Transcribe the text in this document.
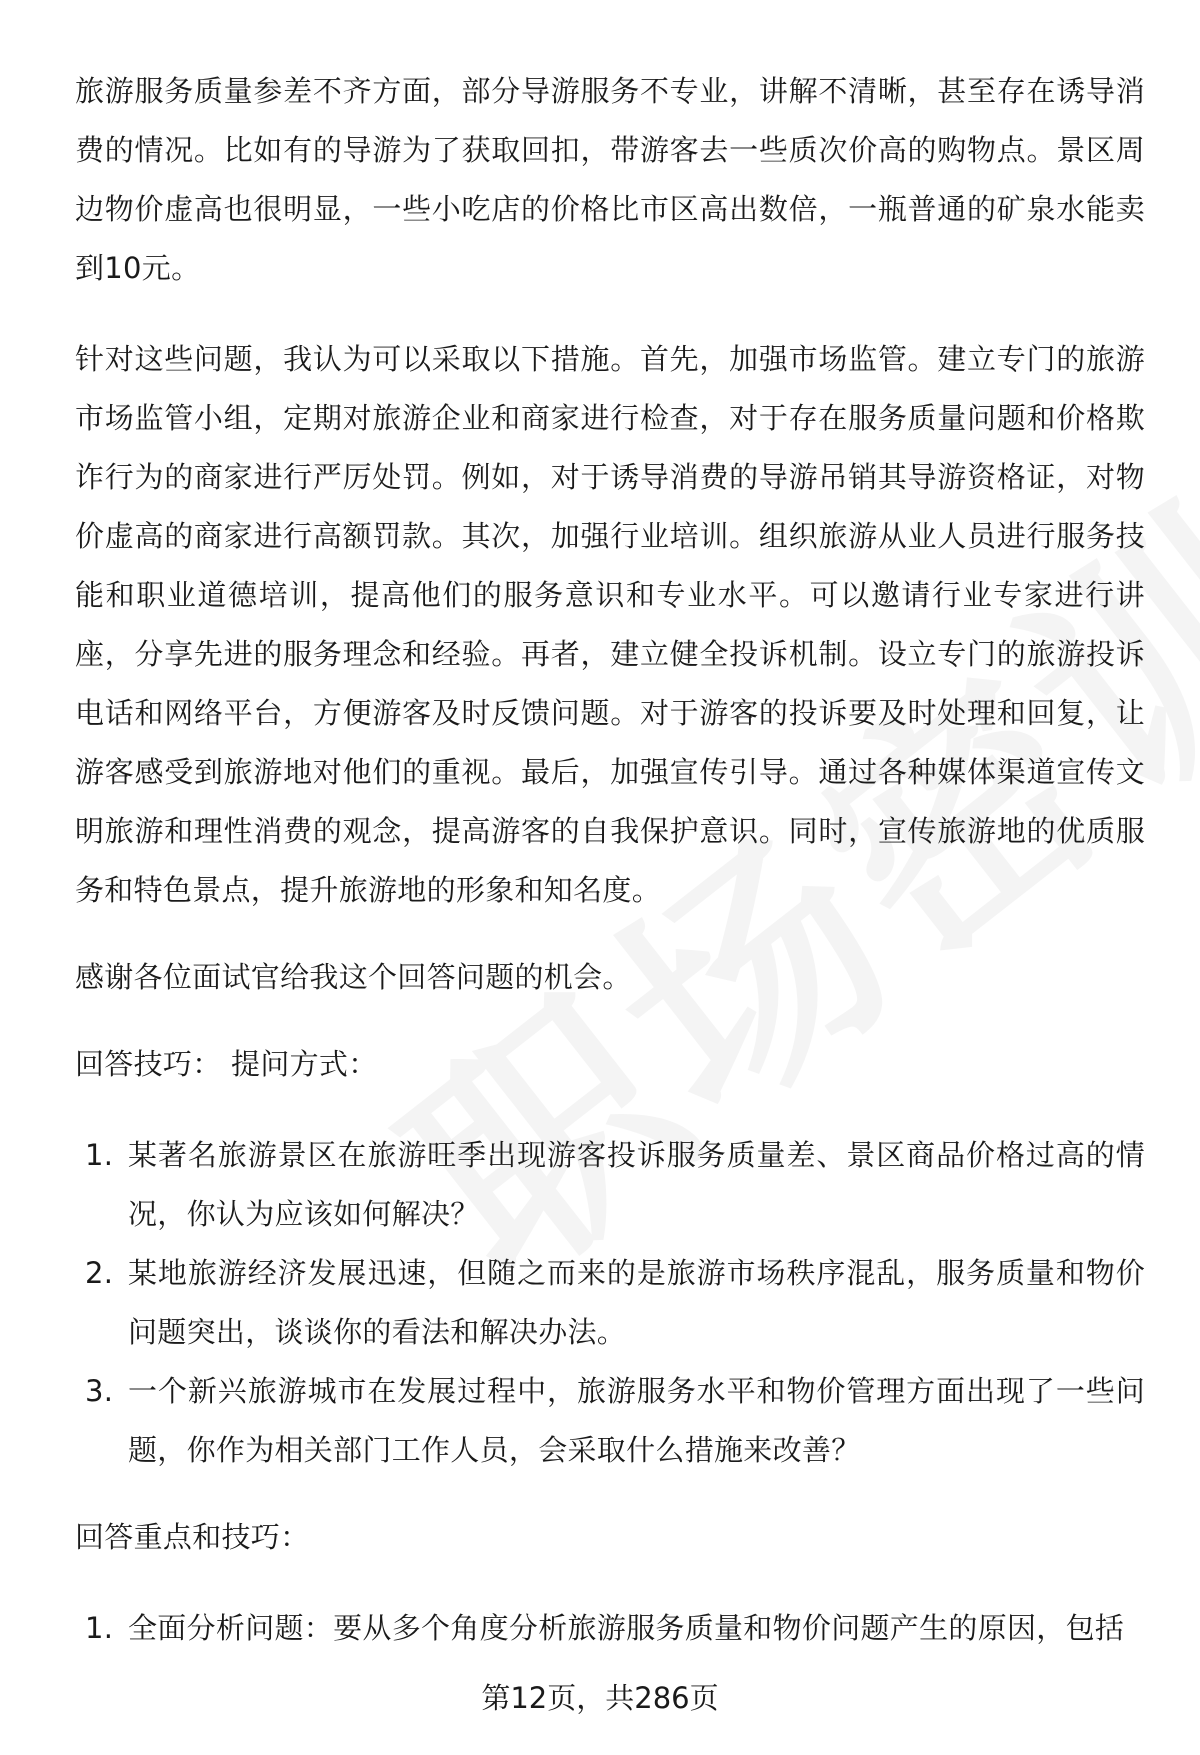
旅游服务质量参差不齐方面，部分导游服务不专业，讲解不清晰，甚至存在诱导消费的情况。比如有的导游为了获取回扣，带游客去一些质次价高的购物点。景区周边物价虚高也很明显，一些小吃店的价格比市区高出数倍，一瓶普通的矿泉水能卖到10元。

针对这些问题，我认为可以采取以下措施。首先，加强市场监管。建立专门的旅游市场监管小组，定期对旅游企业和商家进行检查，对于存在服务质量问题和价格欺诈行为的商家进行严厉处罚。例如，对于诱导消费的导游吊销其导游资格证，对物价虚高的商家进行高额罚款。其次，加强行业培训。组织旅游从业人员进行服务技能和职业道德培训，提高他们的服务意识和专业水平。可以邀请行业专家进行讲座，分享先进的服务理念和经验。再者，建立健全投诉机制。设立专门的旅游投诉电话和网络平台，方便游客及时反馈问题。对于游客的投诉要及时处理和回复，让游客感受到旅游地对他们的重视。最后，加强宣传引导。通过各种媒体渠道宣传文明旅游和理性消费的观念，提高游客的自我保护意识。同时，宣传旅游地的优质服务和特色景点，提升旅游地的形象和知名度。

感谢各位面试官给我这个回答问题的机会。

回答技巧： 提问方式：

1. 某著名旅游景区在旅游旺季出现游客投诉服务质量差、景区商品价格过高的情况，你认为应该如何解决？
2. 某地旅游经济发展迅速，但随之而来的是旅游市场秩序混乱，服务质量和物价问题突出，谈谈你的看法和解决办法。
3. 一个新兴旅游城市在发展过程中，旅游服务水平和物价管理方面出现了一些问题，你作为相关部门工作人员，会采取什么措施来改善？

回答重点和技巧：

1. 全面分析问题：要从多个角度分析旅游服务质量和物价问题产生的原因，包括
第12页，共286页
